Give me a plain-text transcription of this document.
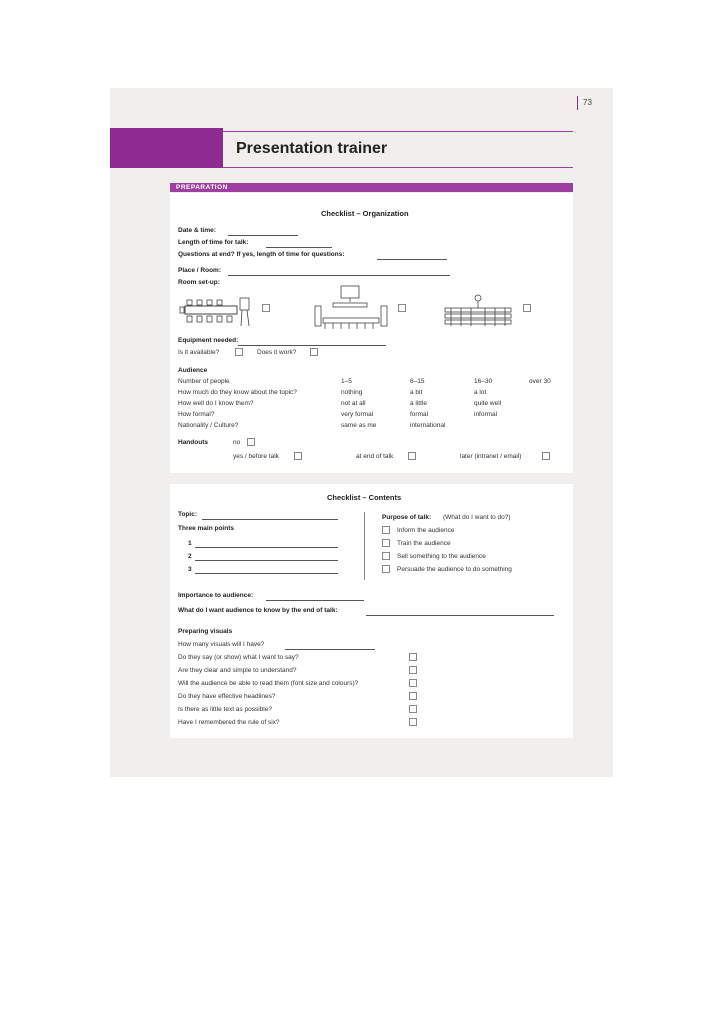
73
Presentation trainer
PREPARATION
Checklist – Organization
Date & time:
Length of time for talk:
Questions at end? If yes, length of time for questions:
Place / Room:
Room set-up:
Equipment needed:
Is it available?	Does it work?
Audience
Number of people	1–5	6–15	16–30	over 30
How much do they know about the topic?	nothing	a bit	a lot
How well do I know them?	not at all	a little	quite well
How formal?	very formal	formal	informal
Nationality / Culture?	same as me	international
Handouts	no
yes / before talk	at end of talk	later (intranet / email)
Checklist – Contents
Topic:
Three main points
1
2
3
Purpose of talk: (What do I want to do?)
Inform the audience
Train the audience
Sell something to the audience
Persuade the audience to do something
Importance to audience:
What do I want audience to know by the end of talk:
Preparing visuals
How many visuals will I have?
Do they say (or show) what I want to say?
Are they clear and simple to understand?
Will the audience be able to read them (font size and colours)?
Do they have effective headlines?
Is there as little text as possible?
Have I remembered the rule of six?
